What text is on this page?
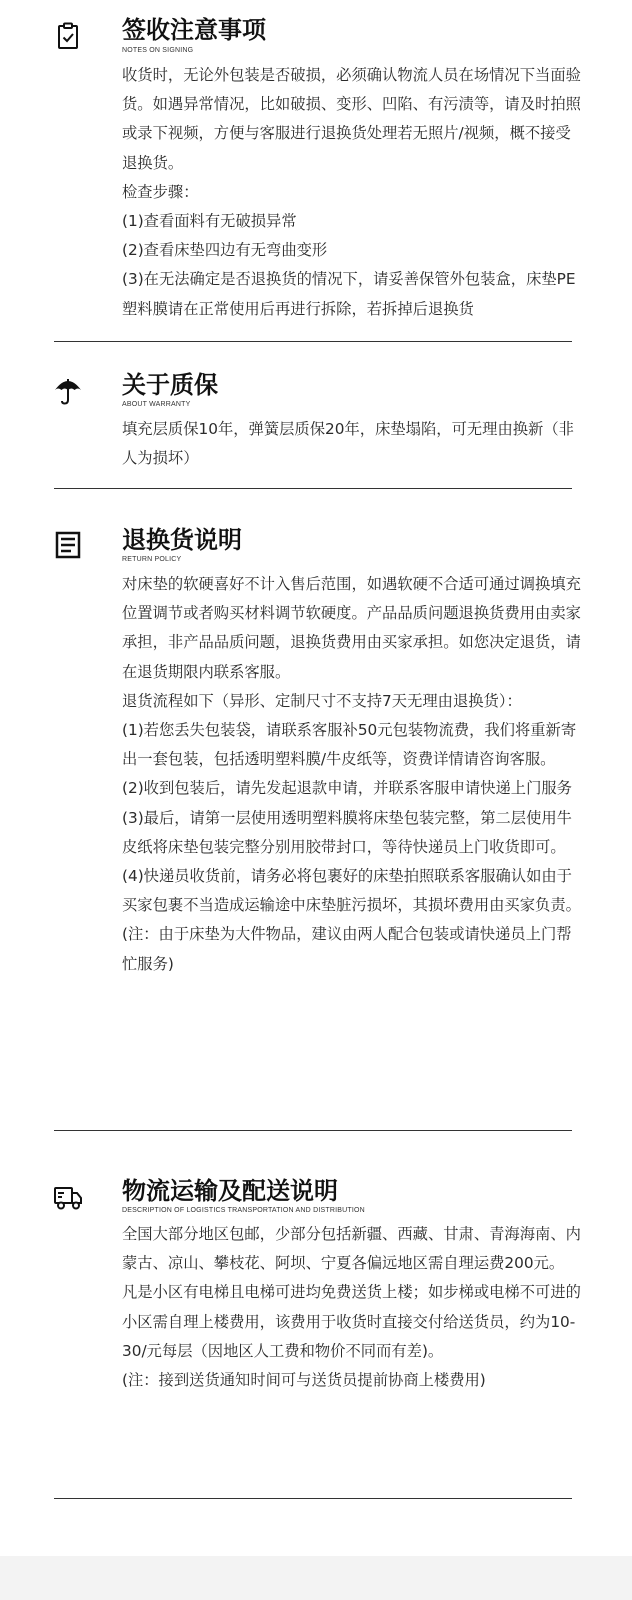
签收注意事项
NOTES ON SIGNING

收货时，无论外包装是否破损，必须确认物流人员在场情况下当面验货。如遇异常情况，比如破损、变形、凹陷、有污渍等，请及时拍照或录下视频，方便与客服进行退换货处理若无照片/视频，概不接受退换货。

检查步骤：

(1)查看面料有无破损异常

(2)查看床垫四边有无弯曲变形

(3)在无法确定是否退换货的情况下，请妥善保管外包装盒，床垫PE塑料膜请在正常使用后再进行拆除，若拆掉后退换货

关于质保
ABOUT WARRANTY

填充层质保10年，弹簧层质保20年，床垫塌陷，可无理由换新（非人为损坏）

退换货说明
RETURN POLICY

对床垫的软硬喜好不计入售后范围，如遇软硬不合适可通过调换填充位置调节或者购买材料调节软硬度。产品品质问题退换货费用由卖家承担，非产品品质问题，退换货费用由买家承担。如您决定退货，请在退货期限内联系客服。

退货流程如下（异形、定制尺寸不支持7天无理由退换货）：

(1)若您丢失包装袋，请联系客服补50元包装物流费，我们将重新寄出一套包装，包括透明塑料膜/牛皮纸等，资费详情请咨询客服。

(2)收到包装后，请先发起退款申请，并联系客服申请快递上门服务

(3)最后，请第一层使用透明塑料膜将床垫包装完整，第二层使用牛皮纸将床垫包装完整分别用胶带封口，等待快递员上门收货即可。

(4)快递员收货前，请务必将包裹好的床垫拍照联系客服确认如由于买家包裹不当造成运输途中床垫脏污损坏，其损坏费用由买家负责。

(注：由于床垫为大件物品，建议由两人配合包装或请快递员上门帮忙服务)

物流运输及配送说明
DESCRIPTION OF LOGISTICS TRANSPORTATION AND DISTRIBUTION

全国大部分地区包邮，少部分包括新疆、西藏、甘肃、青海海南、内蒙古、凉山、攀枝花、阿坝、宁夏各偏远地区需自理运费200元。

凡是小区有电梯且电梯可进均免费送货上楼；如步梯或电梯不可进的小区需自理上楼费用，该费用于收货时直接交付给送货员，约为10-30/元每层（因地区人工费和物价不同而有差)。

(注：接到送货通知时间可与送货员提前协商上楼费用)
